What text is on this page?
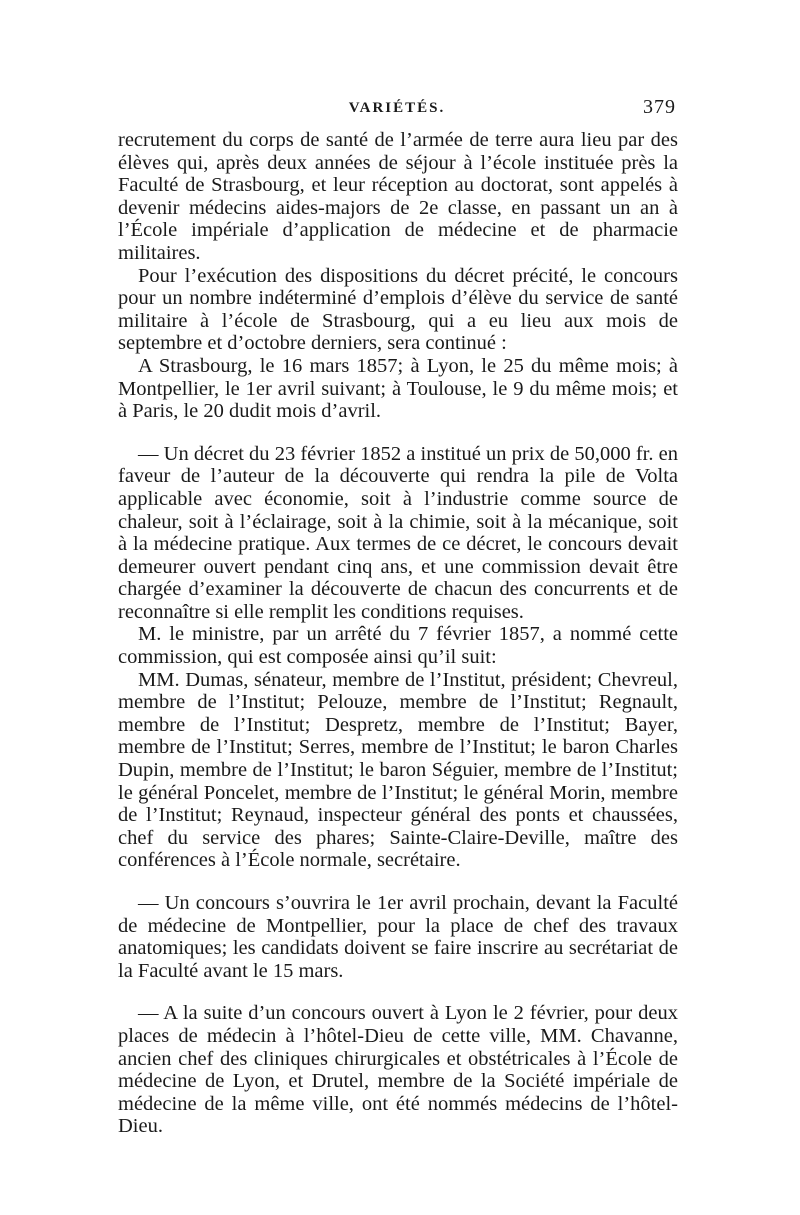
VARIÉTÉS.	379

recrutement du corps de santé de l’armée de terre aura lieu par des élèves qui, après deux années de séjour à l’école instituée près la Faculté de Strasbourg, et leur réception au doctorat, sont appelés à devenir médecins aides-majors de 2e classe, en passant un an à l’École impériale d’application de médecine et de pharmacie militaires.

Pour l’exécution des dispositions du décret précité, le concours pour un nombre indéterminé d’emplois d’élève du service de santé militaire à l’école de Strasbourg, qui a eu lieu aux mois de septembre et d’octobre derniers, sera continué :

A Strasbourg, le 16 mars 1857; à Lyon, le 25 du même mois; à Montpellier, le 1er avril suivant; à Toulouse, le 9 du même mois; et à Paris, le 20 dudit mois d’avril.

— Un décret du 23 février 1852 a institué un prix de 50,000 fr. en faveur de l’auteur de la découverte qui rendra la pile de Volta applicable avec économie, soit à l’industrie comme source de chaleur, soit à l’éclairage, soit à la chimie, soit à la mécanique, soit à la médecine pratique. Aux termes de ce décret, le concours devait demeurer ouvert pendant cinq ans, et une commission devait être chargée d’examiner la découverte de chacun des concurrents et de reconnaître si elle remplit les conditions requises.

M. le ministre, par un arrêté du 7 février 1857, a nommé cette commission, qui est composée ainsi qu’il suit:

MM. Dumas, sénateur, membre de l’Institut, président; Chevreul, membre de l’Institut; Pelouze, membre de l’Institut; Regnault, membre de l’Institut; Despretz, membre de l’Institut; Bayer, membre de l’Institut; Serres, membre de l’Institut; le baron Charles Dupin, membre de l’Institut; le baron Séguier, membre de l’Institut; le général Poncelet, membre de l’Institut; le général Morin, membre de l’Institut; Reynaud, inspecteur général des ponts et chaussées, chef du service des phares; Sainte-Claire-Deville, maître des conférences à l’École normale, secrétaire.

— Un concours s’ouvrira le 1er avril prochain, devant la Faculté de médecine de Montpellier, pour la place de chef des travaux anatomiques; les candidats doivent se faire inscrire au secrétariat de la Faculté avant le 15 mars.

— A la suite d’un concours ouvert à Lyon le 2 février, pour deux places de médecin à l’hôtel-Dieu de cette ville, MM. Chavanne, ancien chef des cliniques chirurgicales et obstétricales à l’École de médecine de Lyon, et Drutel, membre de la Société impériale de médecine de la même ville, ont été nommés médecins de l’hôtel-Dieu.
